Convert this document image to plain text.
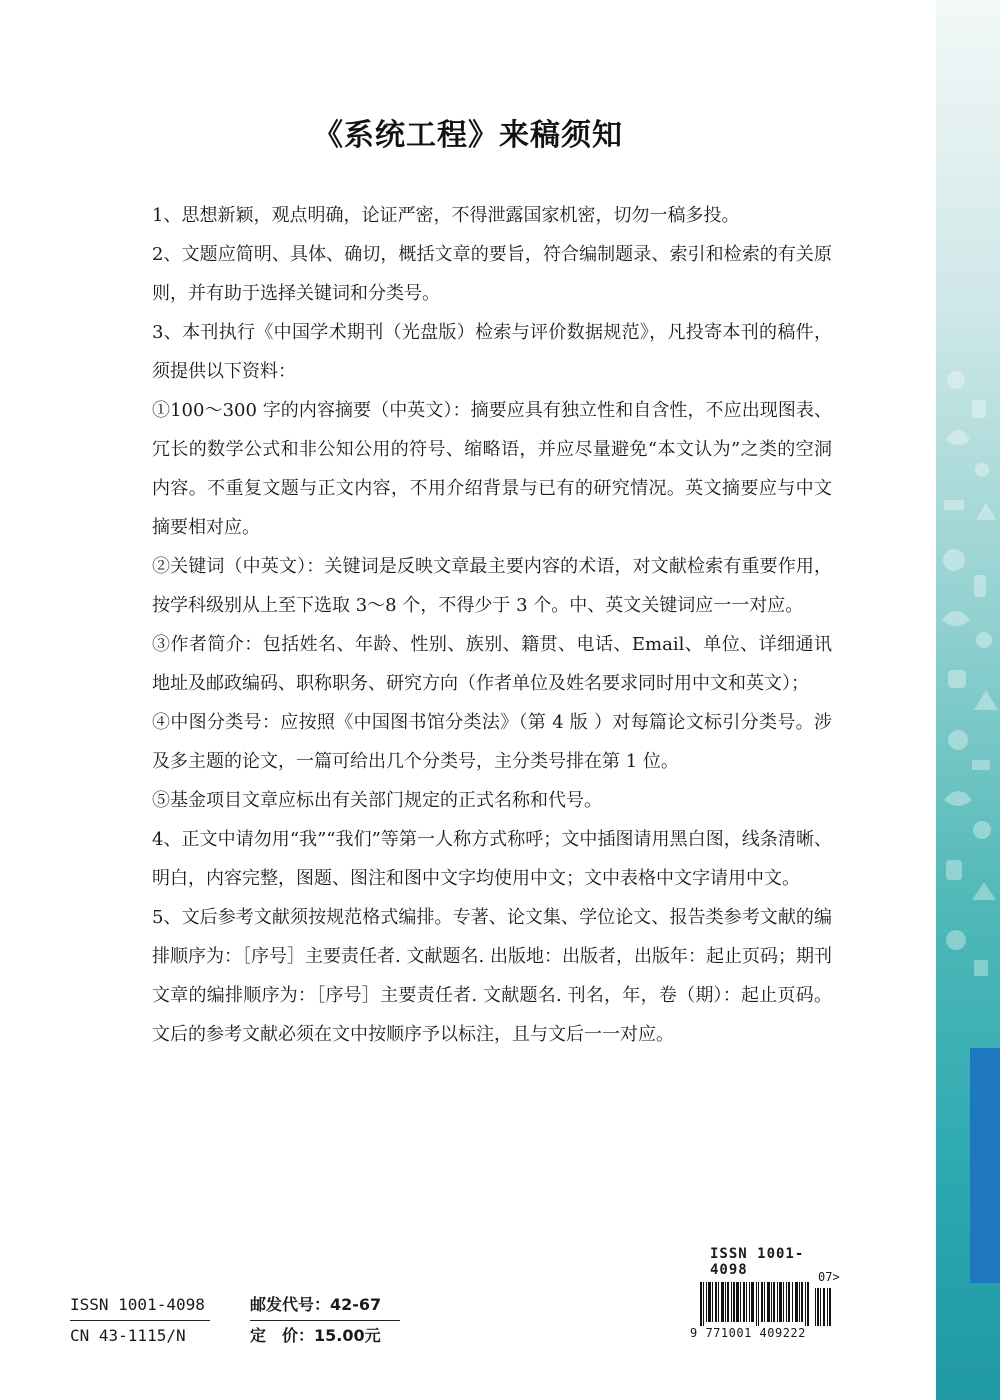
《系统工程》来稿须知

1、思想新颖，观点明确，论证严密，不得泄露国家机密，切勿一稿多投。

2、文题应简明、具体、确切，概括文章的要旨，符合编制题录、索引和检索的有关原则，并有助于选择关键词和分类号。

3、本刊执行《中国学术期刊（光盘版）检索与评价数据规范》，凡投寄本刊的稿件，须提供以下资料：

①100～300 字的内容摘要（中英文）：摘要应具有独立性和自含性，不应出现图表、冗长的数学公式和非公知公用的符号、缩略语，并应尽量避免“本文认为”之类的空洞内容。不重复文题与正文内容，不用介绍背景与已有的研究情况。英文摘要应与中文摘要相对应。

②关键词（中英文）：关键词是反映文章最主要内容的术语，对文献检索有重要作用，按学科级别从上至下选取 3～8 个，不得少于 3 个。中、英文关键词应一一对应。

③作者简介：包括姓名、年龄、性别、族别、籍贯、电话、Email、单位、详细通讯地址及邮政编码、职称职务、研究方向（作者单位及姓名要求同时用中文和英文）；

④中图分类号：应按照《中国图书馆分类法》（第 4 版 ）对每篇论文标引分类号。涉及多主题的论文，一篇可给出几个分类号，主分类号排在第 1 位。

⑤基金项目文章应标出有关部门规定的正式名称和代号。

4、正文中请勿用“我”“我们”等第一人称方式称呼；文中插图请用黑白图，线条清晰、明白，内容完整，图题、图注和图中文字均使用中文；文中表格中文字请用中文。

5、文后参考文献须按规范格式编排。专著、论文集、学位论文、报告类参考文献的编排顺序为：［序号］主要责任者. 文献题名. 出版地：出版者，出版年：起止页码；期刊文章的编排顺序为：［序号］主要责任者. 文献题名. 刊名，年，卷（期）：起止页码。文后的参考文献必须在文中按顺序予以标注，且与文后一一对应。

ISSN 1001-4098
CN 43-1115/N
邮发代号：42-67
定　价：15.00元
ISSN 1001-4098	07>
9 771001 409222
